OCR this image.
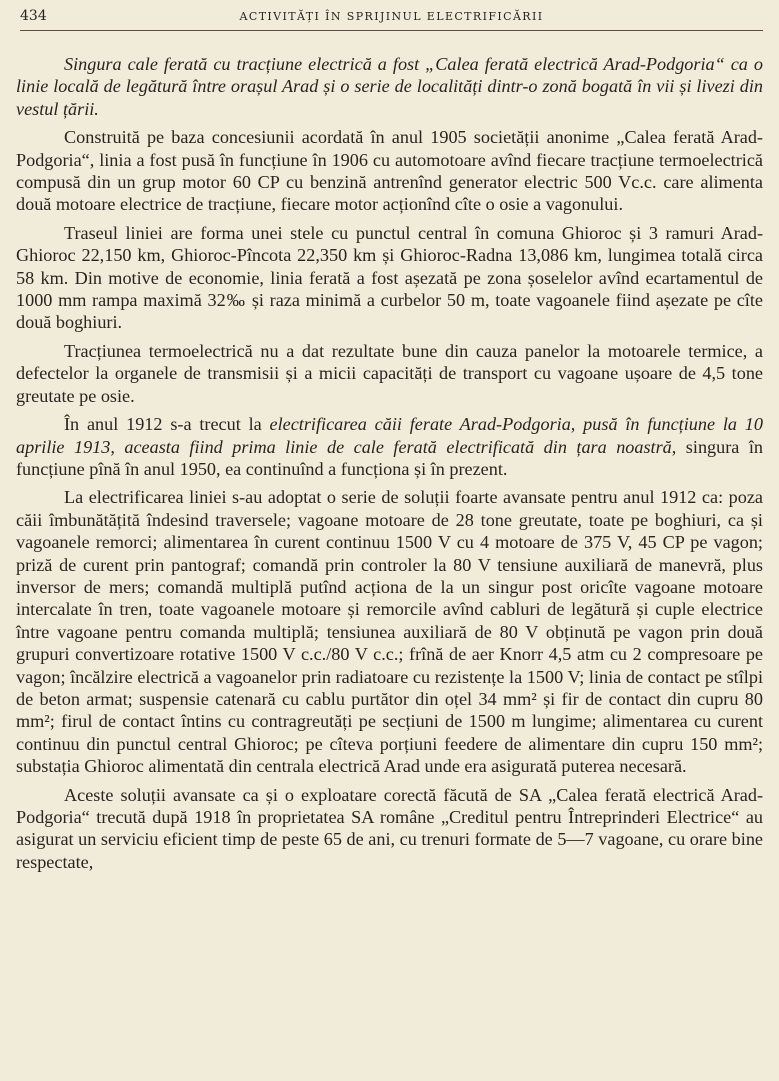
434	ACTIVITĂȚI ÎN SPRIJINUL ELECTRIFICĂRII

Singura cale ferată cu tracțiune electrică a fost „Calea ferată electrică Arad-Podgoria“ ca o linie locală de legătură între orașul Arad și o serie de localități dintr-o zonă bogată în vii și livezi din vestul țării.

Construită pe baza concesiunii acordată în anul 1905 societății anonime „Calea ferată Arad-Podgoria“, linia a fost pusă în funcțiune în 1906 cu automotoare avînd fiecare tracțiune termoelectrică compusă din un grup motor 60 CP cu benzină antrenînd generator electric 500 Vc.c. care alimenta două motoare electrice de tracțiune, fiecare motor acționînd cîte o osie a vagonului.

Traseul liniei are forma unei stele cu punctul central în comuna Ghioroc și 3 ramuri Arad-Ghioroc 22,150 km, Ghioroc-Pîncota 22,350 km și Ghioroc-Radna 13,086 km, lungimea totală circa 58 km. Din motive de economie, linia ferată a fost așezată pe zona șoselelor avînd ecartamentul de 1000 mm rampa maximă 32‰ și raza minimă a curbelor 50 m, toate vagoanele fiind așezate pe cîte două boghiuri.

Tracțiunea termoelectrică nu a dat rezultate bune din cauza panelor la motoarele termice, a defectelor la organele de transmisii și a micii capacități de transport cu vagoane ușoare de 4,5 tone greutate pe osie.

În anul 1912 s-a trecut la electrificarea căii ferate Arad-Podgoria, pusă în funcțiune la 10 aprilie 1913, aceasta fiind prima linie de cale ferată electrificată din țara noastră, singura în funcțiune pînă în anul 1950, ea continuînd a funcționa și în prezent.

La electrificarea liniei s-au adoptat o serie de soluții foarte avansate pentru anul 1912 ca: poza căii îmbunătățită îndesind traversele; vagoane motoare de 28 tone greutate, toate pe boghiuri, ca și vagoanele remorci; alimentarea în curent continuu 1500 V cu 4 motoare de 375 V, 45 CP pe vagon; priză de curent prin pantograf; comandă prin controler la 80 V tensiune auxiliară de manevră, plus inversor de mers; comandă multiplă putînd acționa de la un singur post oricîte vagoane motoare intercalate în tren, toate vagoanele motoare și remorcile avînd cabluri de legătură și cuple electrice între vagoane pentru comanda multiplă; tensiunea auxiliară de 80 V obținută pe vagon prin două grupuri convertizoare rotative 1500 V c.c./80 V c.c.; frînă de aer Knorr 4,5 atm cu 2 compresoare pe vagon; încălzire electrică a vagoanelor prin radiatoare cu rezistențe la 1500 V; linia de contact pe stîlpi de beton armat; suspensie catenară cu cablu purtător din oțel 34 mm² și fir de contact din cupru 80 mm²; firul de contact întins cu contragreutăți pe secțiuni de 1500 m lungime; alimentarea cu curent continuu din punctul central Ghioroc; pe cîteva porțiuni feedere de alimentare din cupru 150 mm²; substația Ghioroc alimentată din centrala electrică Arad unde era asigurată puterea necesară.

Aceste soluții avansate ca și o exploatare corectă făcută de SA „Calea ferată electrică Arad-Podgoria“ trecută după 1918 în proprietatea SA române „Creditul pentru Întreprinderi Electrice“ au asigurat un serviciu eficient timp de peste 65 de ani, cu trenuri formate de 5—7 vagoane, cu orare bine respectate,
